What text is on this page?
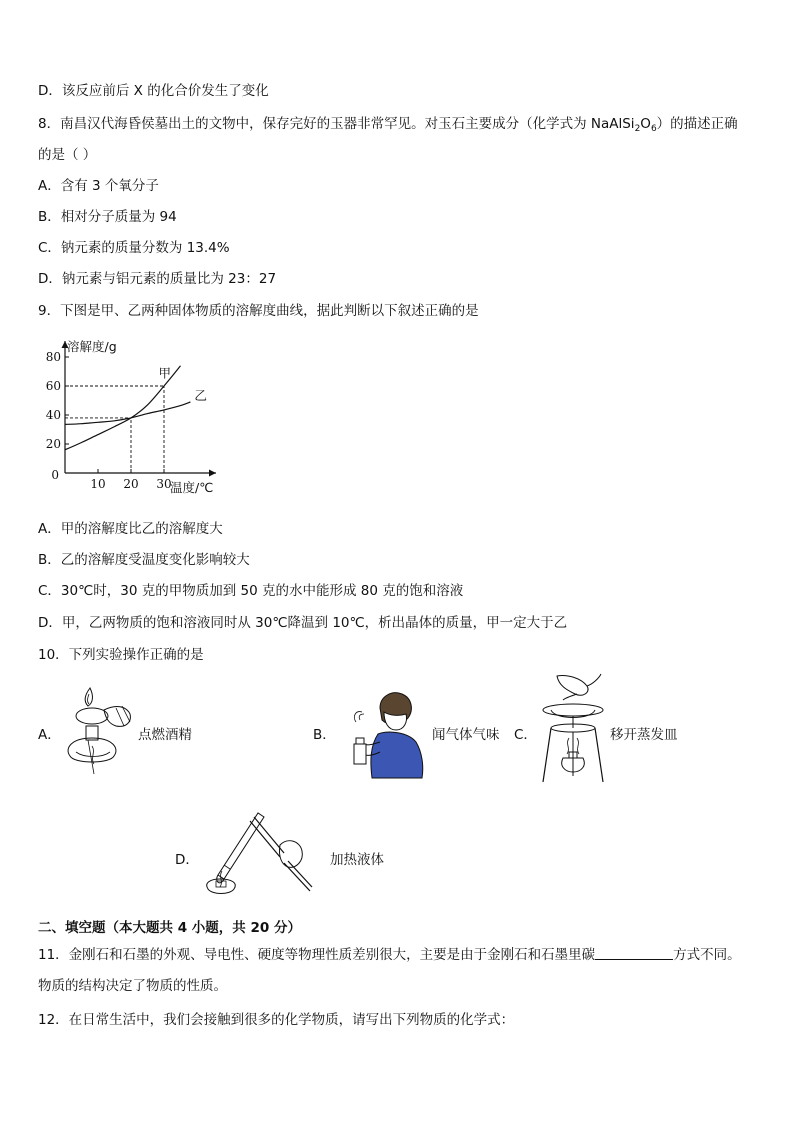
D．该反应前后 X 的化合价发生了变化
8．南昌汉代海昏侯墓出土的文物中，保存完好的玉器非常罕见。对玉石主要成分（化学式为 $NaAlSi_2O_6$）的描述正确
的是（ ）
A．含有 3 个氧分子
B．相对分子质量为 94
C．钠元素的质量分数为 13.4%
D．钠元素与铝元素的质量比为 23：27
9．下图是甲、乙两种固体物质的溶解度曲线，据此判断以下叙述正确的是
20
40
60
80
10 20 30
0
甲
乙
溶解度/g
温度/℃
A．甲的溶解度比乙的溶解度大
B．乙的溶解度受温度变化影响较大
C．30℃时，30 克的甲物质加到 50 克的水中能形成 80 克的饱和溶液
D．甲，乙两物质的饱和溶液同时从 30℃降温到 10℃，析出晶体的质量，甲一定大于乙
10．下列实验操作正确的是
A．	点燃酒精	B．	闻气体气味 C．	移开蒸发皿
D．	加热液体
二、填空题（本大题共 4 小题，共 20 分）
11．金刚石和石墨的外观、导电性、硬度等物理性质差别很大，主要是由于金刚石和石墨里碳	方式不同。
物质的结构决定了物质的性质。
12．在日常生活中，我们会接触到很多的化学物质，请写出下列物质的化学式：
